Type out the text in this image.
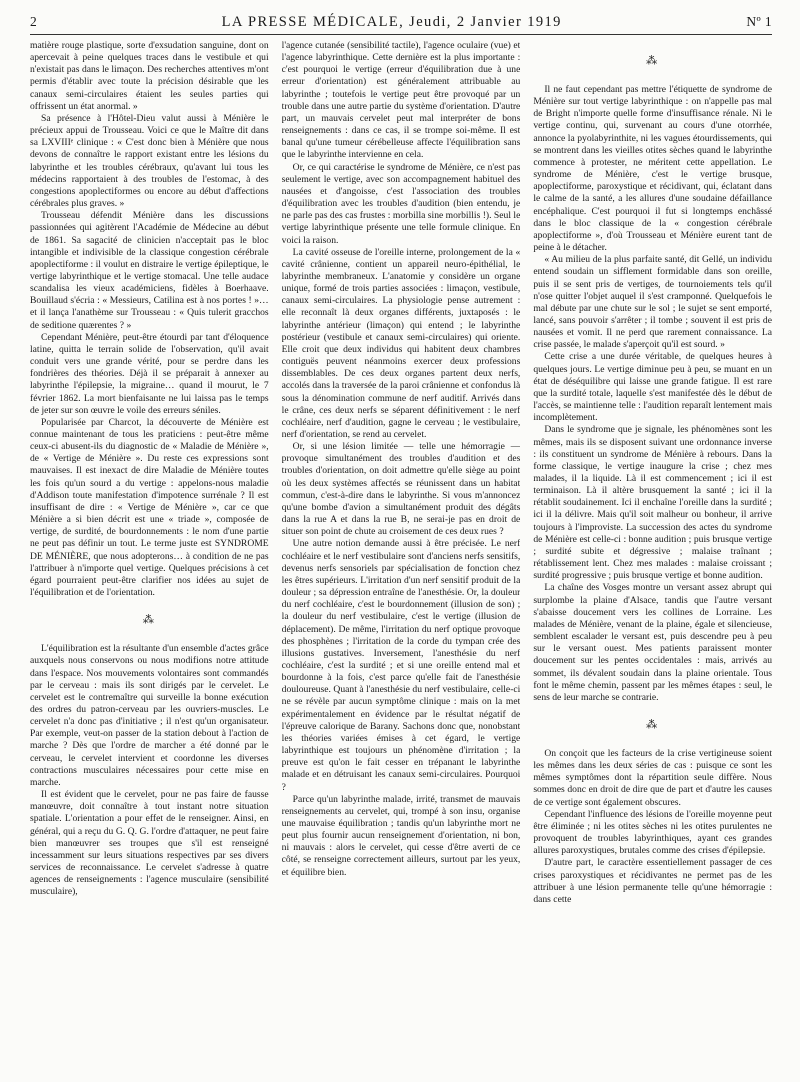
2	LA PRESSE MÉDICALE, Jeudi, 2 Janvier 1919	Nº 1

matière rouge plastique, sorte d'exsudation sanguine, dont on apercevait à peine quelques traces dans le vestibule et qui n'existait pas dans le limaçon. Des recherches attentives m'ont permis d'établir avec toute la précision désirable que les canaux semi-circulaires étaient les seules parties qui offrissent un état anormal. »

Sa présence à l'Hôtel-Dieu valut aussi à Ménière le précieux appui de Trousseau. Voici ce que le Maître dit dans sa LXVIIIᵉ clinique : « C'est donc bien à Ménière que nous devons de connaître le rapport existant entre les lésions du labyrinthe et les troubles cérébraux, qu'avant lui tous les médecins rapportaient à des troubles de l'estomac, à des congestions apoplectiformes ou encore au début d'affections cérébrales plus graves. »

Trousseau défendit Ménière dans les discussions passionnées qui agitèrent l'Académie de Médecine au début de 1861. Sa sagacité de clinicien n'acceptait pas le bloc intangible et indivisible de la classique congestion cérébrale apoplectiforme : il voulut en distraire le vertige épileptique, le vertige labyrinthique et le vertige stomacal. Une telle audace scandalisa les vieux académiciens, fidèles à Boerhaave. Bouillaud s'écria : « Messieurs, Catilina est à nos portes ! »… et il lança l'anathème sur Trousseau : « Quis tulerit gracchos de seditione quærentes ? »

Cependant Ménière, peut-être étourdi par tant d'éloquence latine, quitta le terrain solide de l'observation, qu'il avait conduit vers une grande vérité, pour se perdre dans les fondrières des théories. Déjà il se préparait à annexer au labyrinthe l'épilepsie, la migraine… quand il mourut, le 7 février 1862. La mort bienfaisante ne lui laissa pas le temps de jeter sur son œuvre le voile des erreurs séniles.

Popularisée par Charcot, la découverte de Ménière est connue maintenant de tous les praticiens : peut-être même ceux-ci abusent-ils du diagnostic de « Maladie de Ménière », de « Vertige de Ménière ». Du reste ces expressions sont mauvaises. Il est inexact de dire Maladie de Ménière toutes les fois qu'un sourd a du vertige : appelons-nous maladie d'Addison toute manifestation d'impotence surrénale ? Il est insuffisant de dire : « Vertige de Ménière », car ce que Ménière a si bien décrit est une « triade », composée de vertige, de surdité, de bourdonnements : le nom d'une partie ne peut pas définir un tout. Le terme juste est SYNDROME DE MÉNIÈRE, que nous adopterons… à condition de ne pas l'attribuer à n'importe quel vertige. Quelques précisions à cet égard pourraient peut-être clarifier nos idées au sujet de l'équilibration et de l'orientation.

⁂

L'équilibration est la résultante d'un ensemble d'actes grâce auxquels nous conservons ou nous modifions notre attitude dans l'espace. Nos mouvements volontaires sont commandés par le cerveau : mais ils sont dirigés par le cervelet. Le cervelet est le contremaître qui surveille la bonne exécution des ordres du patron-cerveau par les ouvriers-muscles. Le cervelet n'a donc pas d'initiative ; il n'est qu'un organisateur. Par exemple, veut-on passer de la station debout à l'action de marche ? Dès que l'ordre de marcher a été donné par le cerveau, le cervelet intervient et coordonne les diverses contractions musculaires nécessaires pour cette mise en marche.

Il est évident que le cervelet, pour ne pas faire de fausse manœuvre, doit connaître à tout instant notre situation spatiale. L'orientation a pour effet de le renseigner. Ainsi, en général, qui a reçu du G. Q. G. l'ordre d'attaquer, ne peut faire bien manœuvrer ses troupes que s'il est renseigné incessamment sur leurs situations respectives par ses divers services de reconnaissance. Le cervelet s'adresse à quatre agences de renseignements : l'agence musculaire (sensibilité musculaire),

l'agence cutanée (sensibilité tactile), l'agence oculaire (vue) et l'agence labyrinthique. Cette dernière est la plus importante : c'est pourquoi le vertige (erreur d'équilibration due à une erreur d'orientation) est généralement attribuable au labyrinthe ; toutefois le vertige peut être provoqué par un trouble dans une autre partie du système d'orientation. D'autre part, un mauvais cervelet peut mal interpréter de bons renseignements : dans ce cas, il se trompe soi-même. Il est banal qu'une tumeur cérébelleuse affecte l'équilibration sans que le labyrinthe intervienne en cela.

Or, ce qui caractérise le syndrome de Ménière, ce n'est pas seulement le vertige, avec son accompagnement habituel des nausées et d'angoisse, c'est l'association des troubles d'équilibration avec les troubles d'audition (bien entendu, je ne parle pas des cas frustes : morbilla sine morbillis !). Seul le vertige labyrinthique présente une telle formule clinique. En voici la raison.

La cavité osseuse de l'oreille interne, prolongement de la « cavité crânienne, contient un appareil neuro-épithélial, le labyrinthe membraneux. L'anatomie y considère un organe unique, formé de trois parties associées : limaçon, vestibule, canaux semi-circulaires. La physiologie pense autrement : elle reconnaît là deux organes différents, juxtaposés : le labyrinthe antérieur (limaçon) qui entend ; le labyrinthe postérieur (vestibule et canaux semi-circulaires) qui oriente. Elle croit que deux individus qui habitent deux chambres contiguës peuvent néanmoins exercer deux professions dissemblables. De ces deux organes partent deux nerfs, accolés dans la traversée de la paroi crânienne et confondus là sous la dénomination commune de nerf auditif. Arrivés dans le crâne, ces deux nerfs se séparent définitivement : le nerf cochléaire, nerf d'audition, gagne le cerveau ; le vestibulaire, nerf d'orientation, se rend au cervelet.

Or, si une lésion limitée — telle une hémorragie — provoque simultanément des troubles d'audition et des troubles d'orientation, on doit admettre qu'elle siège au point où les deux systèmes affectés se réunissent dans un habitat commun, c'est-à-dire dans le labyrinthe. Si vous m'annoncez qu'une bombe d'avion a simultanément produit des dégâts dans la rue A et dans la rue B, ne serai-je pas en droit de situer son point de chute au croisement de ces deux rues ?

Une autre notion demande aussi à être précisée. Le nerf cochléaire et le nerf vestibulaire sont d'anciens nerfs sensitifs, devenus nerfs sensoriels par spécialisation de fonction chez les êtres supérieurs. L'irritation d'un nerf sensitif produit de la douleur ; sa dépression entraîne de l'anesthésie. Or, la douleur du nerf cochléaire, c'est le bourdonnement (illusion de son) ; la douleur du nerf vestibulaire, c'est le vertige (illusion de déplacement). De même, l'irritation du nerf optique provoque des phosphènes ; l'irritation de la corde du tympan crée des illusions gustatives. Inversement, l'anesthésie du nerf cochléaire, c'est la surdité ; et si une oreille entend mal et bourdonne à la fois, c'est parce qu'elle fait de l'anesthésie douloureuse. Quant à l'anesthésie du nerf vestibulaire, celle-ci ne se révèle par aucun symptôme clinique : mais on la met expérimentalement en évidence par le résultat négatif de l'épreuve calorique de Barany. Sachons donc que, nonobstant les théories variées émises à cet égard, le vertige labyrinthique est toujours un phénomène d'irritation ; la preuve est qu'on le fait cesser en trépanant le labyrinthe malade et en détruisant les canaux semi-circulaires. Pourquoi ?

Parce qu'un labyrinthe malade, irrité, transmet de mauvais renseignements au cervelet, qui, trompé à son insu, organise une mauvaise équilibration ; tandis qu'un labyrinthe mort ne peut plus fournir aucun renseignement d'orientation, ni bon, ni mauvais : alors le cervelet, qui cesse d'être averti de ce côté, se renseigne correctement ailleurs, surtout par les yeux, et équilibre bien.

⁂

Il ne faut cependant pas mettre l'étiquette de syndrome de Ménière sur tout vertige labyrinthique : on n'appelle pas mal de Bright n'importe quelle forme d'insuffisance rénale. Ni le vertige continu, qui, survenant au cours d'une otorrhée, annonce la pyolabyrinthite, ni les vagues étourdissements, qui se montrent dans les vieilles otites sèches quand le labyrinthe commence à protester, ne méritent cette appellation. Le syndrome de Ménière, c'est le vertige brusque, apoplectiforme, paroxystique et récidivant, qui, éclatant dans le calme de la santé, a les allures d'une soudaine défaillance encéphalique. C'est pourquoi il fut si longtemps enchâssé dans le bloc classique de la « congestion cérébrale apoplectiforme », d'où Trousseau et Ménière eurent tant de peine à le détacher.

« Au milieu de la plus parfaite santé, dit Gellé, un individu entend soudain un sifflement formidable dans son oreille, puis il se sent pris de vertiges, de tournoiements tels qu'il n'ose quitter l'objet auquel il s'est cramponné. Quelquefois le mal débute par une chute sur le sol ; le sujet se sent emporté, lancé, sans pouvoir s'arrêter ; il tombe ; souvent il est pris de nausées et vomit. Il ne perd que rarement connaissance. La crise passée, le malade s'aperçoit qu'il est sourd. »

Cette crise a une durée véritable, de quelques heures à quelques jours. Le vertige diminue peu à peu, se muant en un état de déséquilibre qui laisse une grande fatigue. Il est rare que la surdité totale, laquelle s'est manifestée dès le début de l'accès, se maintienne telle : l'audition reparaît lentement mais incomplètement.

Dans le syndrome que je signale, les phénomènes sont les mêmes, mais ils se disposent suivant une ordonnance inverse : ils constituent un syndrome de Ménière à rebours. Dans la forme classique, le vertige inaugure la crise ; chez mes malades, il la liquide. Là il est commencement ; ici il est terminaison. Là il altère brusquement la santé ; ici il la rétablit soudainement. Ici il enchaîne l'oreille dans la surdité ; ici il la délivre. Mais qu'il soit malheur ou bonheur, il arrive toujours à l'improviste. La succession des actes du syndrome de Ménière est celle-ci : bonne audition ; puis brusque vertige ; surdité subite et dégressive ; malaise traînant ; rétablissement lent. Chez mes malades : malaise croissant ; surdité progressive ; puis brusque vertige et bonne audition.

La chaîne des Vosges montre un versant assez abrupt qui surplombe la plaine d'Alsace, tandis que l'autre versant s'abaisse doucement vers les collines de Lorraine. Les malades de Ménière, venant de la plaine, égale et silencieuse, semblent escalader le versant est, puis descendre peu à peu sur le versant ouest. Mes patients paraissent monter doucement sur les pentes occidentales : mais, arrivés au sommet, ils dévalent soudain dans la plaine orientale. Tous font le même chemin, passent par les mêmes étapes : seul, le sens de leur marche se contrarie.

⁂

On conçoit que les facteurs de la crise vertigineuse soient les mêmes dans les deux séries de cas : puisque ce sont les mêmes symptômes dont la répartition seule diffère. Nous sommes donc en droit de dire que de part et d'autre les causes de ce vertige sont également obscures.

Cependant l'influence des lésions de l'oreille moyenne peut être éliminée ; ni les otites sèches ni les otites purulentes ne provoquent de troubles labyrinthiques, ayant ces grandes allures paroxystiques, brutales comme des crises d'épilepsie.

D'autre part, le caractère essentiellement passager de ces crises paroxystiques et récidivantes ne permet pas de les attribuer à une lésion permanente telle qu'une hémorragie : dans cette
